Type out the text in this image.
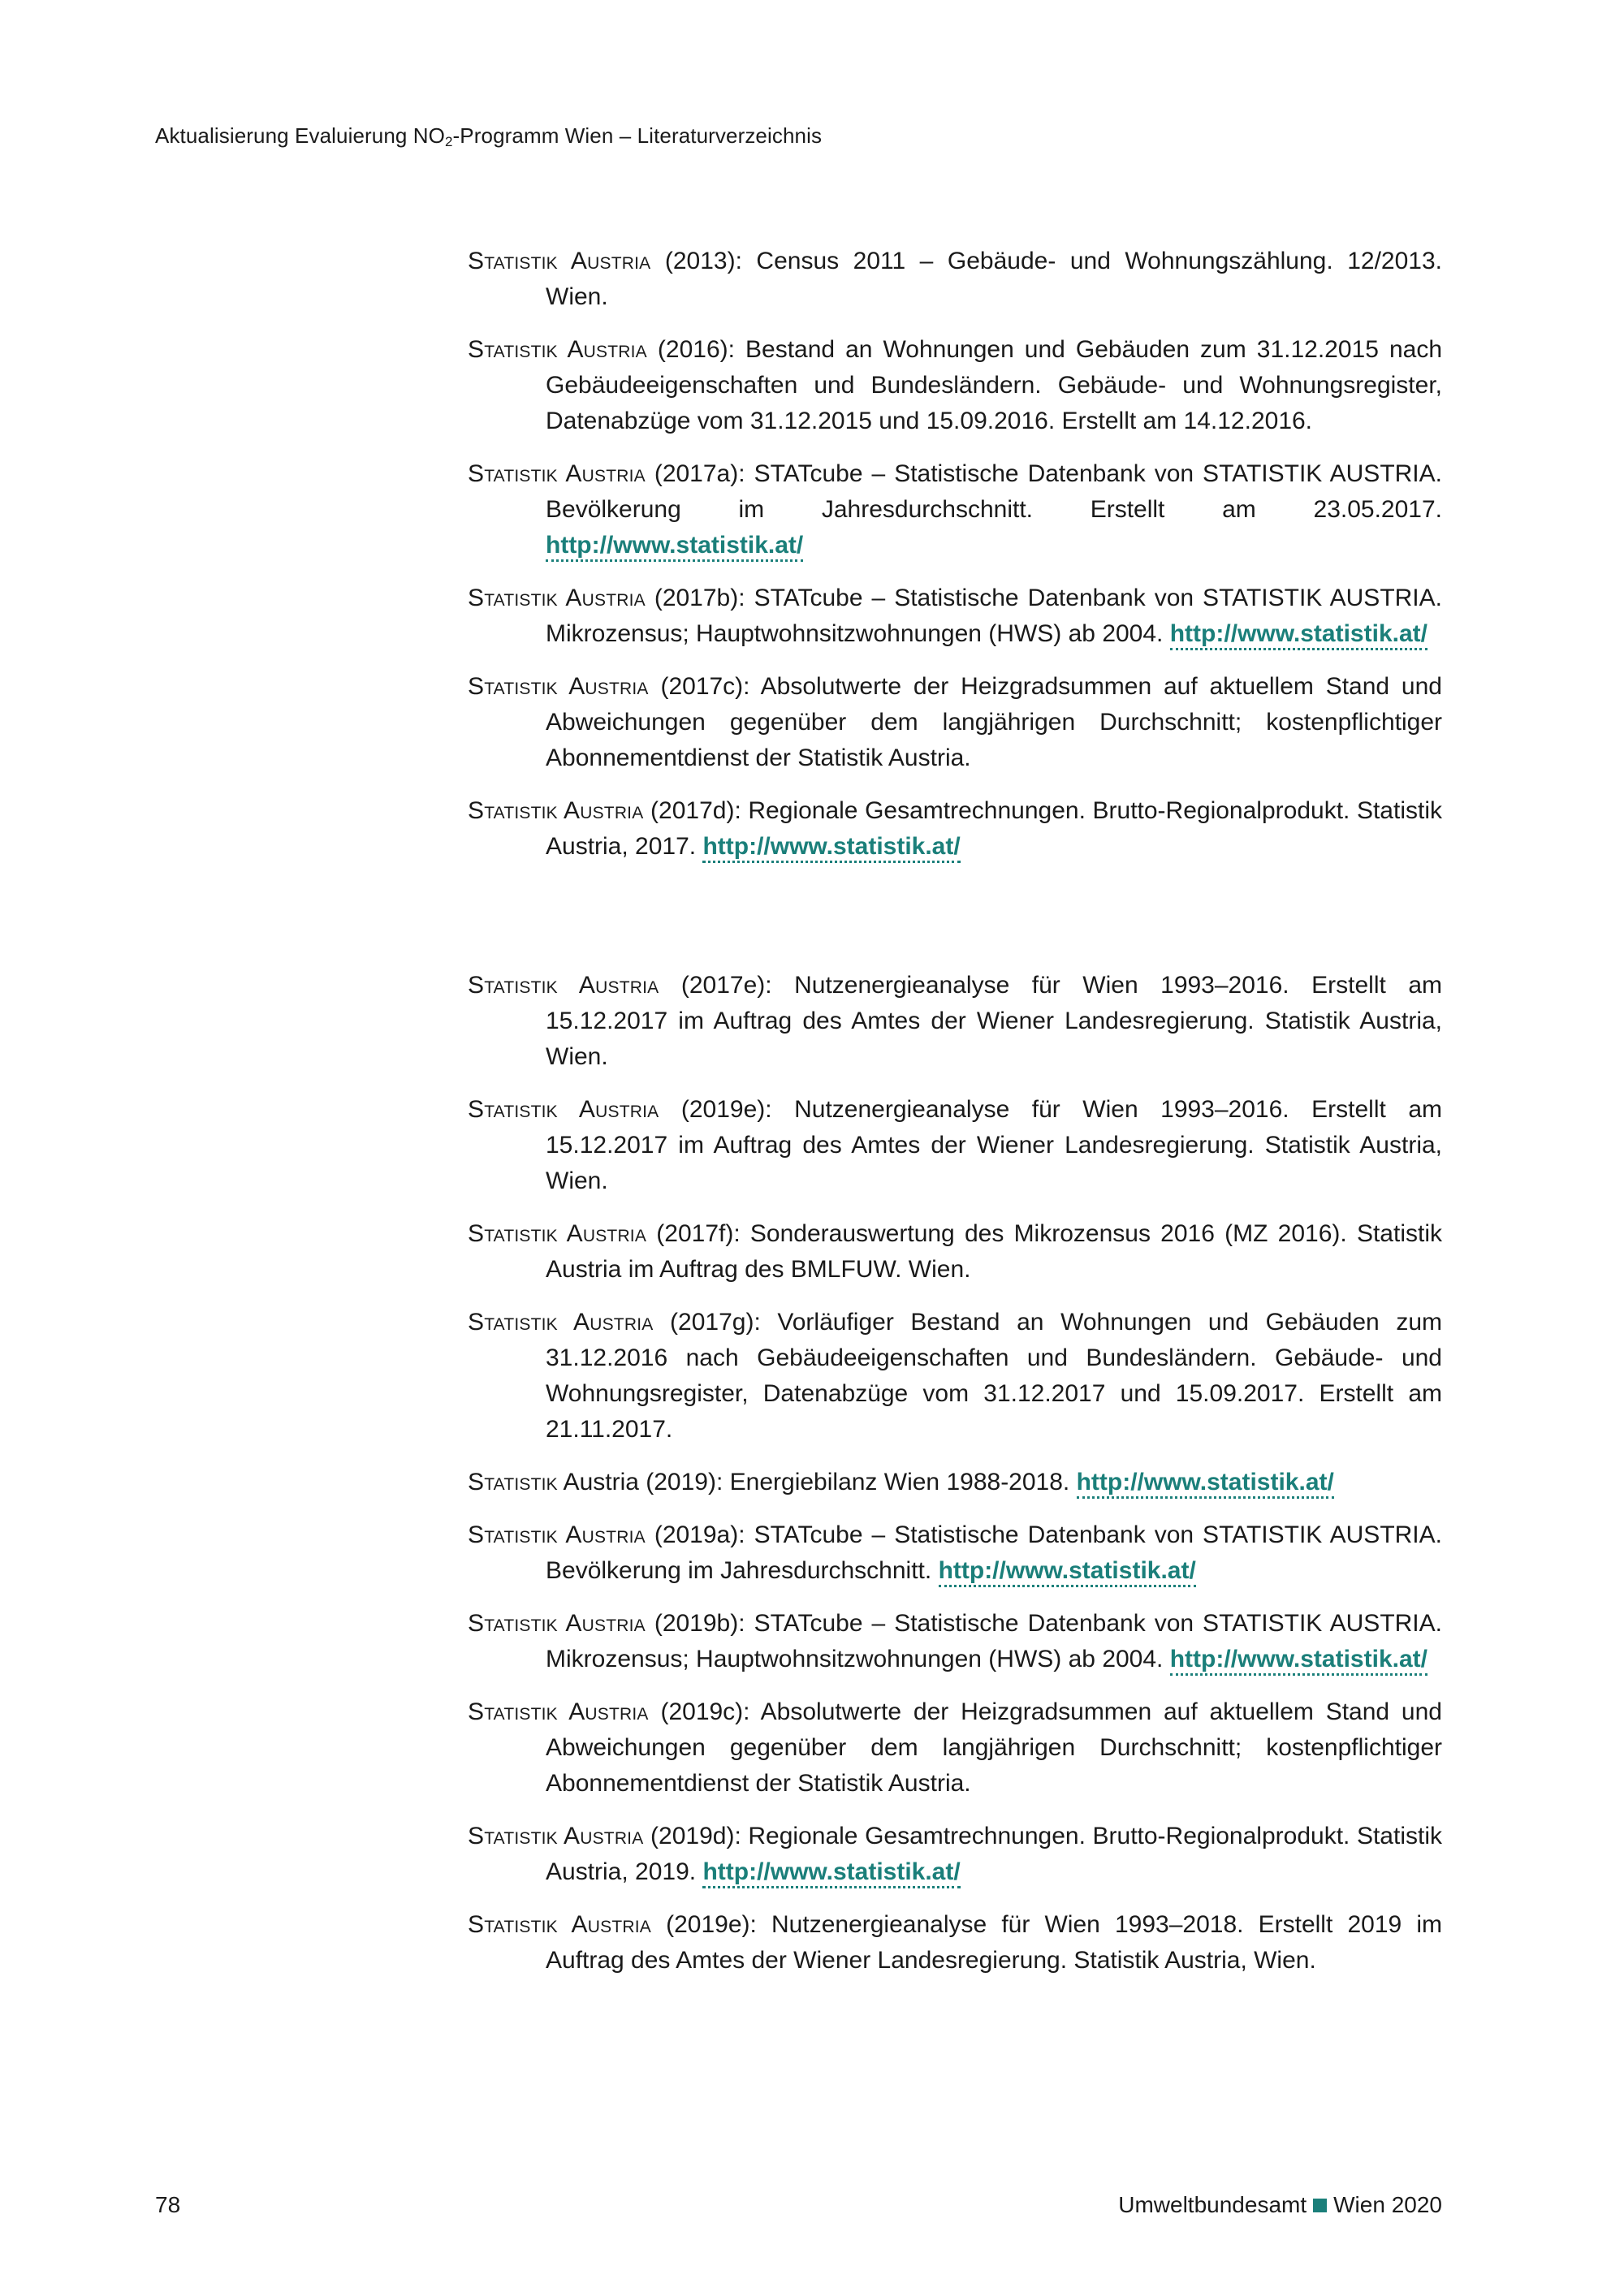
Aktualisierung Evaluierung $NO_2$-Programm Wien – Literaturverzeichnis

Statistik Austria (2013): Census 2011 – Gebäude- und Wohnungszählung. 12/2013. Wien.

Statistik Austria (2016): Bestand an Wohnungen und Gebäuden zum 31.12.2015 nach Gebäudeeigenschaften und Bundesländern. Gebäude- und Wohnungsregister, Datenabzüge vom 31.12.2015 und 15.09.2016. Erstellt am 14.12.2016.

Statistik Austria (2017a): STATcube – Statistische Datenbank von STATISTIK AUSTRIA. Bevölkerung im Jahresdurchschnitt. Erstellt am 23.05.2017. http://www.statistik.at/

Statistik Austria (2017b): STATcube – Statistische Datenbank von STATISTIK AUSTRIA. Mikrozensus; Hauptwohnsitzwohnungen (HWS) ab 2004. http://www.statistik.at/

Statistik Austria (2017c): Absolutwerte der Heizgradsummen auf aktuellem Stand und Abweichungen gegenüber dem langjährigen Durchschnitt; kostenpflichtiger Abonnementdienst der Statistik Austria.

Statistik Austria (2017d): Regionale Gesamtrechnungen. Brutto-Regionalprodukt. Statistik Austria, 2017. http://www.statistik.at/

Statistik Austria (2017e): Nutzenergieanalyse für Wien 1993–2016. Erstellt am 15.12.2017 im Auftrag des Amtes der Wiener Landesregierung. Statistik Austria, Wien.

Statistik Austria (2019e): Nutzenergieanalyse für Wien 1993–2016. Erstellt am 15.12.2017 im Auftrag des Amtes der Wiener Landesregierung. Statistik Austria, Wien.

Statistik Austria (2017f): Sonderauswertung des Mikrozensus 2016 (MZ 2016). Statistik Austria im Auftrag des BMLFUW. Wien.

Statistik Austria (2017g): Vorläufiger Bestand an Wohnungen und Gebäuden zum 31.12.2016 nach Gebäudeeigenschaften und Bundesländern. Gebäude- und Wohnungsregister, Datenabzüge vom 31.12.2017 und 15.09.2017. Erstellt am 21.11.2017.

Statistik Austria (2019): Energiebilanz Wien 1988-2018. http://www.statistik.at/

Statistik Austria (2019a): STATcube – Statistische Datenbank von STATISTIK AUSTRIA. Bevölkerung im Jahresdurchschnitt. http://www.statistik.at/

Statistik Austria (2019b): STATcube – Statistische Datenbank von STATISTIK AUSTRIA. Mikrozensus; Hauptwohnsitzwohnungen (HWS) ab 2004. http://www.statistik.at/

Statistik Austria (2019c): Absolutwerte der Heizgradsummen auf aktuellem Stand und Abweichungen gegenüber dem langjährigen Durchschnitt; kostenpflichtiger Abonnementdienst der Statistik Austria.

Statistik Austria (2019d): Regionale Gesamtrechnungen. Brutto-Regionalprodukt. Statistik Austria, 2019. http://www.statistik.at/

Statistik Austria (2019e): Nutzenergieanalyse für Wien 1993–2018. Erstellt 2019 im Auftrag des Amtes der Wiener Landesregierung. Statistik Austria, Wien.

78	Umweltbundesamt Wien 2020
